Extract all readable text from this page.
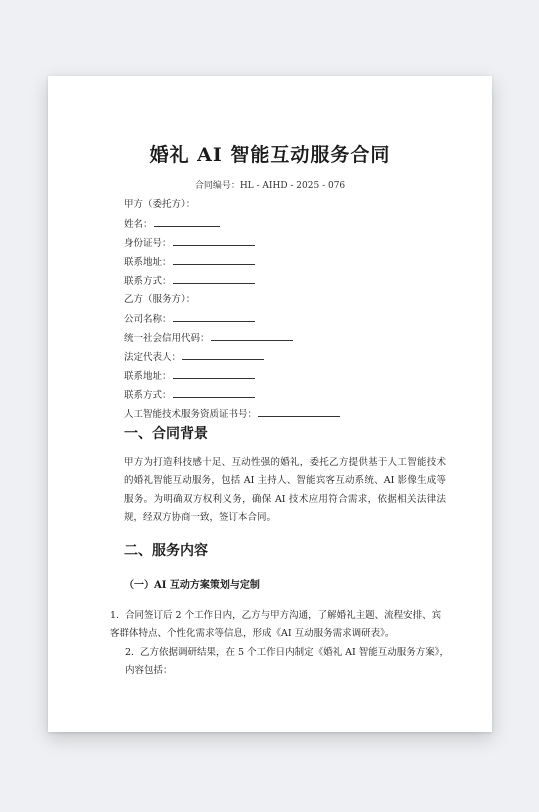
婚礼 AI 智能互动服务合同
合同编号：HL - AIHD - 2025 - 076
甲方（委托方）：
姓名：
身份证号：
联系地址：
联系方式：
乙方（服务方）：
公司名称：
统一社会信用代码：
法定代表人：
联系地址：
联系方式：
人工智能技术服务资质证书号：
一、合同背景

甲方为打造科技感十足、互动性强的婚礼，委托乙方提供基于人工智能技术的婚礼智能互动服务，包括 AI 主持人、智能宾客互动系统、AI 影像生成等服务。为明确双方权利义务，确保 AI 技术应用符合需求，依据相关法律法规，经双方协商一致，签订本合同。

二、服务内容
（一）AI 互动方案策划与定制
1. 合同签订后 2 个工作日内，乙方与甲方沟通，了解婚礼主题、流程安排、宾客群体特点、个性化需求等信息，形成《AI 互动服务需求调研表》。
2. 乙方依据调研结果，在 5 个工作日内制定《婚礼 AI 智能互动服务方案》，内容包括：
